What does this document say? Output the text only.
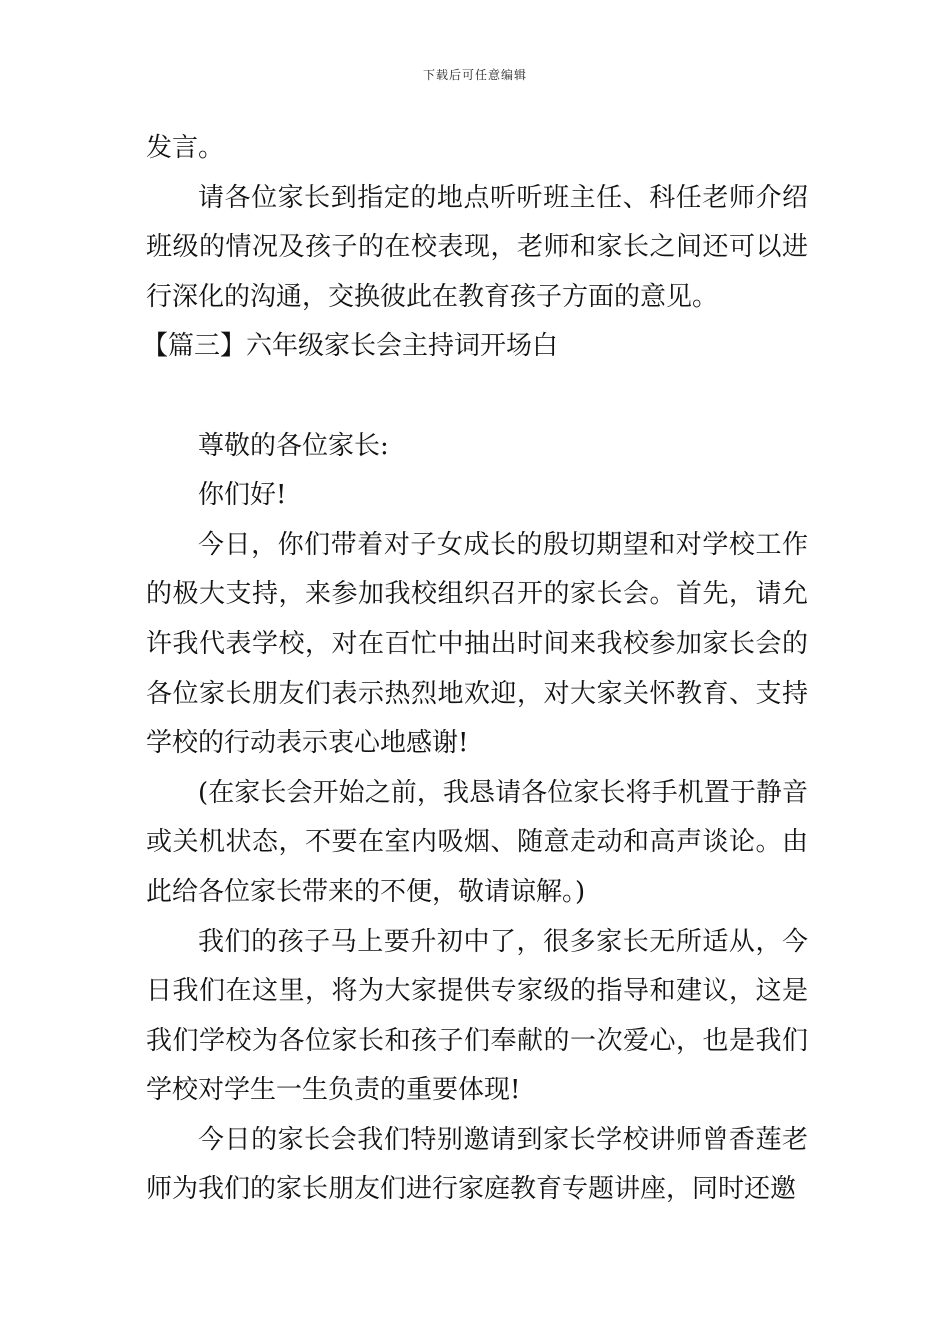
下载后可任意编辑

发言。

请各位家长到指定的地点听听班主任、科任老师介绍班级的情况及孩子的在校表现，老师和家长之间还可以进行深化的沟通，交换彼此在教育孩子方面的意见。

【篇三】六年级家长会主持词开场白

尊敬的各位家长:

你们好!

今日，你们带着对子女成长的殷切期望和对学校工作的极大支持，来参加我校组织召开的家长会。首先，请允许我代表学校，对在百忙中抽出时间来我校参加家长会的各位家长朋友们表示热烈地欢迎，对大家关怀教育、支持学校的行动表示衷心地感谢!

(在家长会开始之前，我恳请各位家长将手机置于静音或关机状态，不要在室内吸烟、随意走动和高声谈论。由此给各位家长带来的不便，敬请谅解。)

我们的孩子马上要升初中了，很多家长无所适从，今日我们在这里，将为大家提供专家级的指导和建议，这是我们学校为各位家长和孩子们奉献的一次爱心，也是我们学校对学生一生负责的重要体现!

今日的家长会我们特别邀请到家长学校讲师曾香莲老师为我们的家长朋友们进行家庭教育专题讲座，同时还邀
